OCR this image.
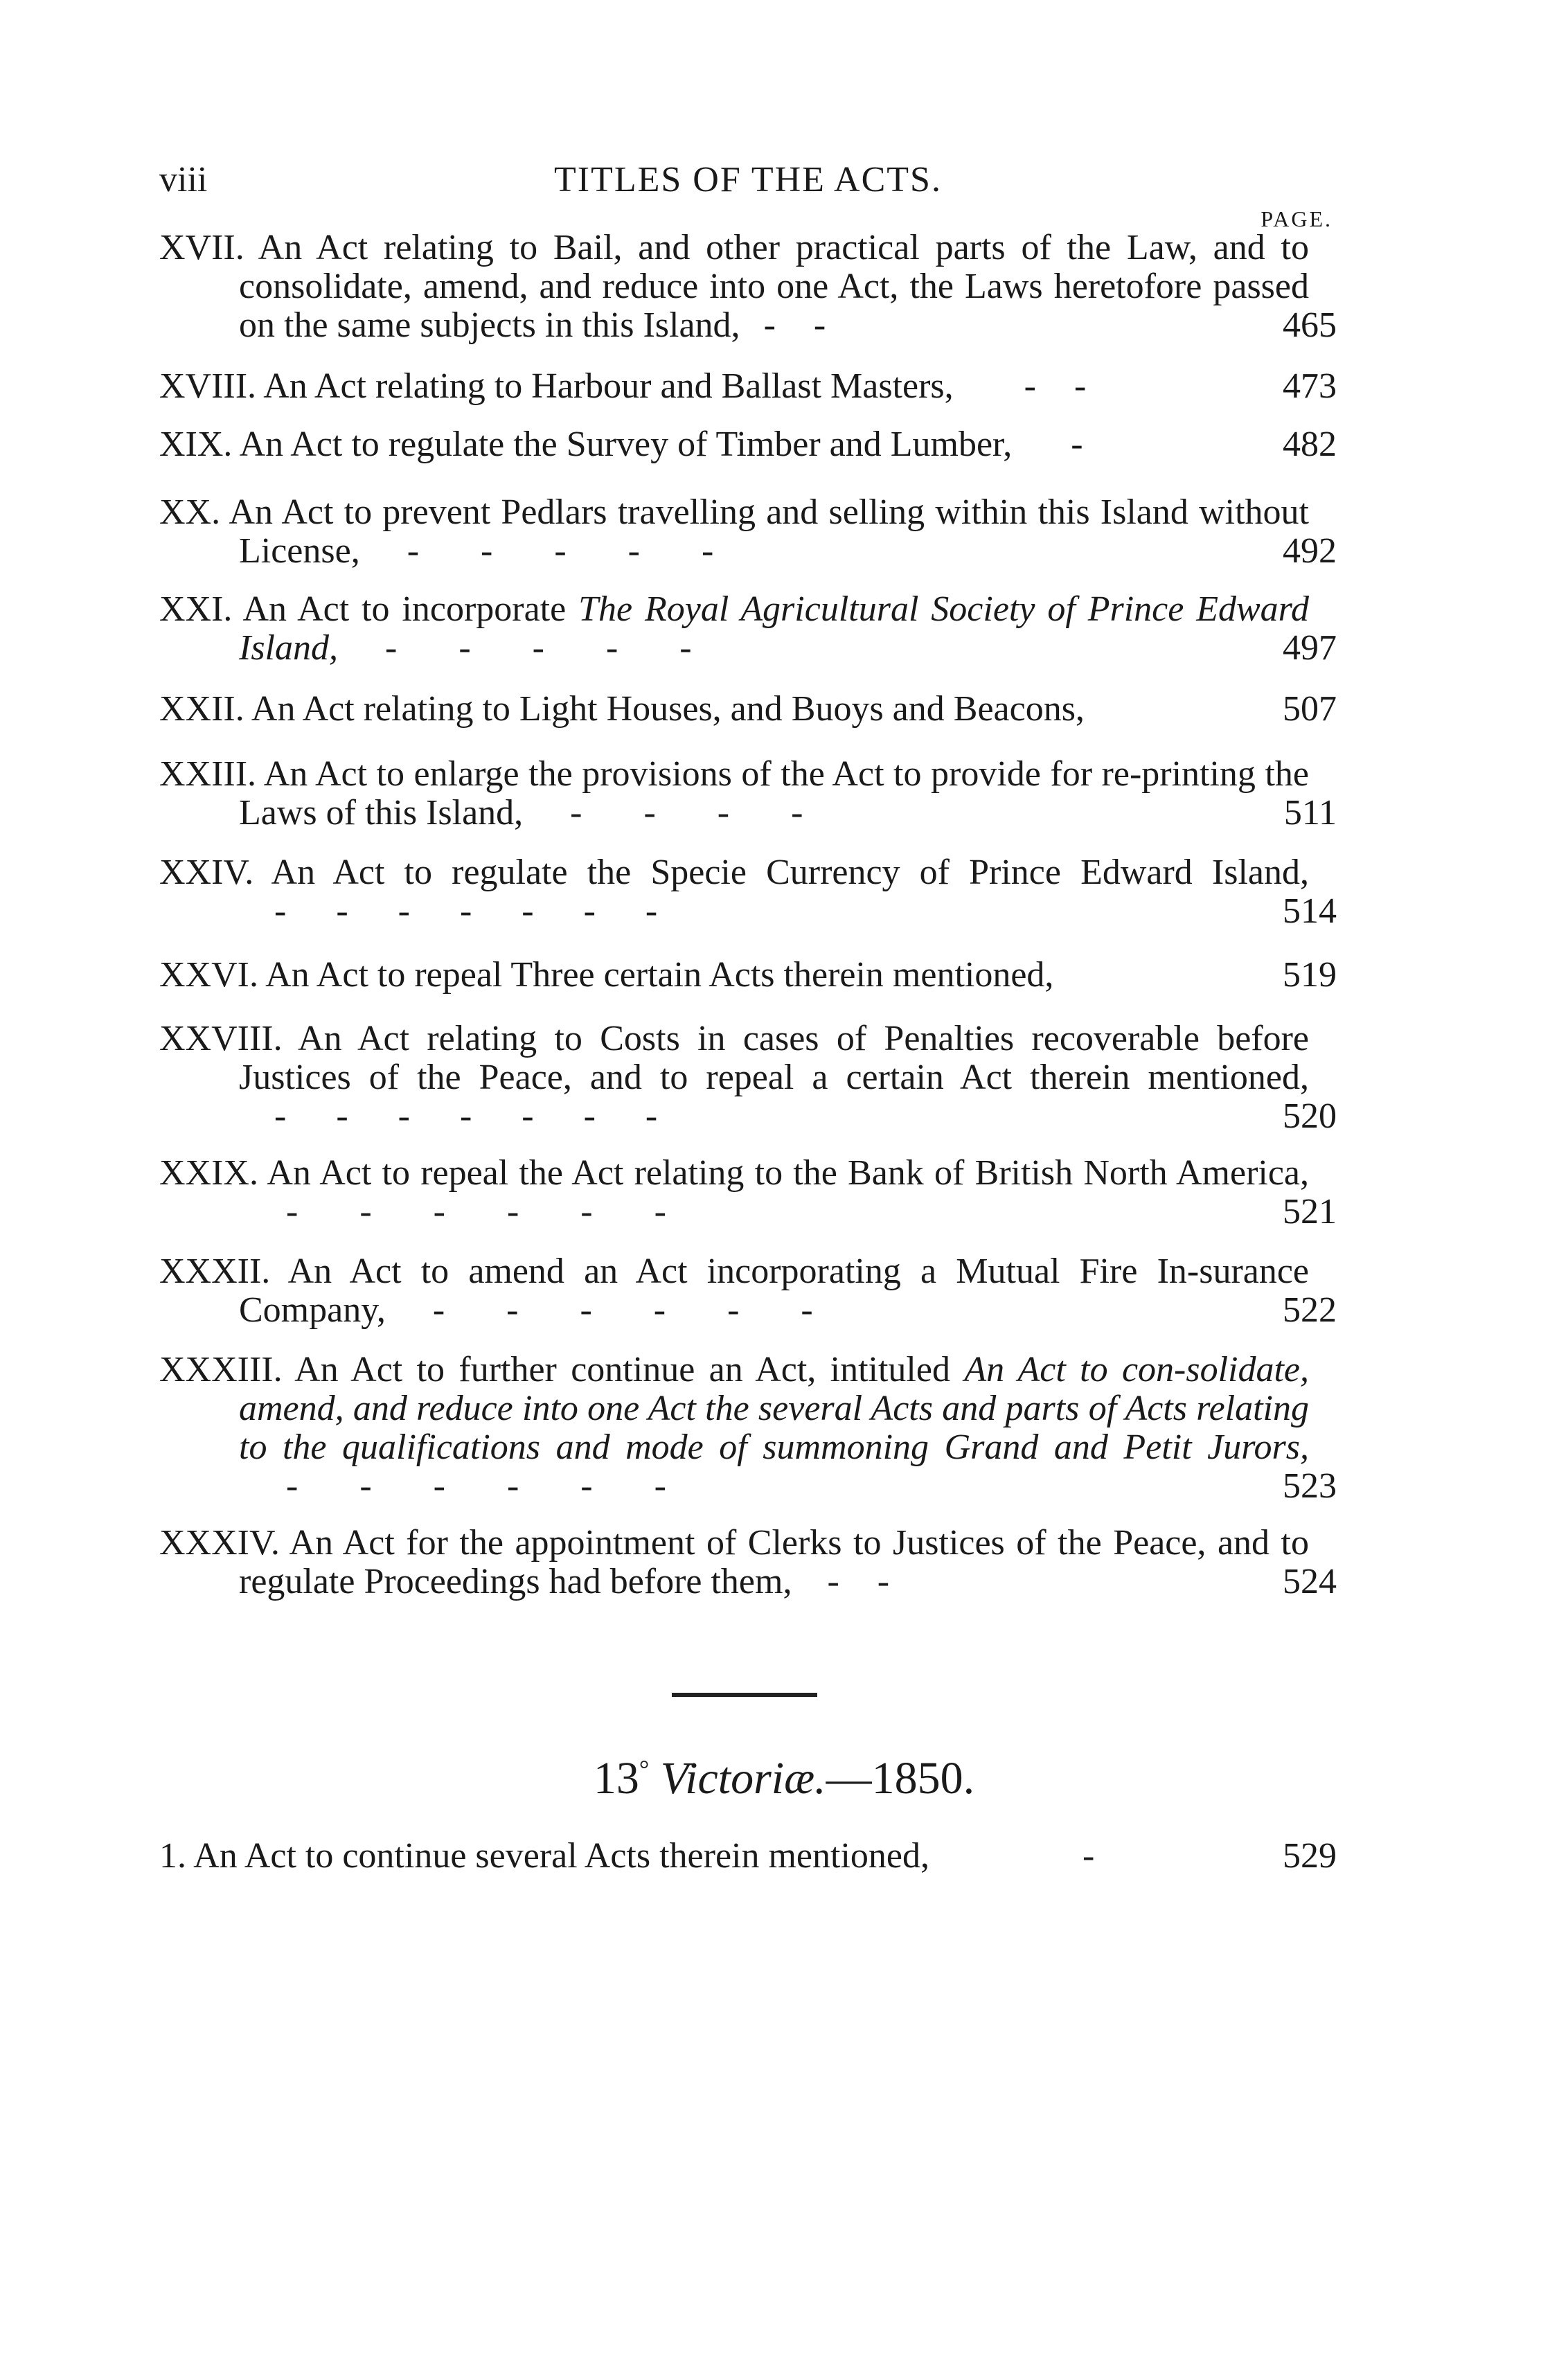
viii	TITLES OF THE ACTS.
PAGE.
XVII. An Act relating to Bail, and other practical parts of the Law, and to consolidate, amend, and reduce into one Act, the Laws heretofore passed on the same subjects in this Island,  -   -	465
XVIII. An Act relating to Harbour and Ballast Masters,      -   -	473
XIX. An Act to regulate the Survey of Timber and Lumber,     -	482
XX. An Act to prevent Pedlars travelling and selling within this Island without License,    -     -     -     -     -	492
XXI. An Act to incorporate The Royal Agricultural Society of Prince Edward Island,    -     -     -     -     -	497
XXII. An Act relating to Light Houses, and Buoys and Beacons,	507
XXIII. An Act to enlarge the provisions of the Act to provide for re-printing the Laws of this Island,    -     -     -     -	511
XXIV. An Act to regulate the Specie Currency of Prince Edward Island,   -    -    -    -    -    -    -	514
XXVI. An Act to repeal Three certain Acts therein mentioned,	519
XXVIII. An Act relating to Costs in cases of Penalties recoverable before Justices of the Peace, and to repeal a certain Act therein mentioned,   -    -    -    -    -    -    -	520
XXIX. An Act to repeal the Act relating to the Bank of British North America,    -     -     -     -     -     -	521
XXXII. An Act to amend an Act incorporating a Mutual Fire In-surance Company,    -     -     -     -     -     -	522
XXXIII. An Act to further continue an Act, intituled An Act to con-solidate, amend, and reduce into one Act the several Acts and parts of Acts relating to the qualifications and mode of summoning Grand and Petit Jurors,    -     -     -     -     -     -	523
XXXIV. An Act for the appointment of Clerks to Justices of the Peace, and to regulate Proceedings had before them,   -   -	524
13° Victoriæ.—1850.
1. An Act to continue several Acts therein mentioned,             -	529
